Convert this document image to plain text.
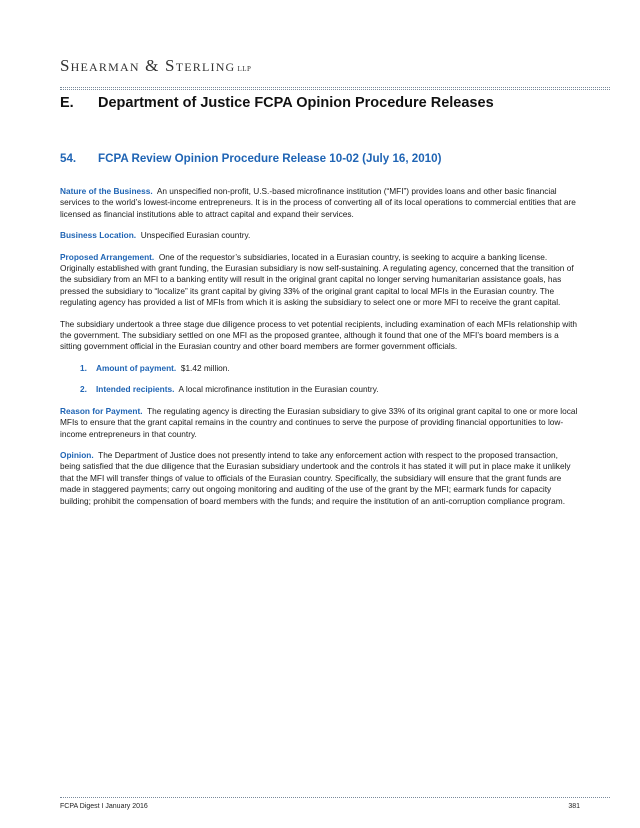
Shearman & Sterling LLP
E. Department of Justice FCPA Opinion Procedure Releases
54. FCPA Review Opinion Procedure Release 10-02 (July 16, 2010)

Nature of the Business. An unspecified non-profit, U.S.-based microfinance institution (“MFI”) provides loans and other basic financial services to the world’s lowest-income entrepreneurs. It is in the process of converting all of its local operations to commercial entities that are licensed as financial institutions able to attract capital and expand their services.

Business Location. Unspecified Eurasian country.

Proposed Arrangement. One of the requestor’s subsidiaries, located in a Eurasian country, is seeking to acquire a banking license. Originally established with grant funding, the Eurasian subsidiary is now self-sustaining. A regulating agency, concerned that the transition of the subsidiary from an MFI to a banking entity will result in the original grant capital no longer serving humanitarian assistance goals, has pressed the subsidiary to “localize” its grant capital by giving 33% of the original grant capital to local MFIs in the Eurasian country. The regulating agency has provided a list of MFIs from which it is asking the subsidiary to select one or more MFI to receive the grant capital.

The subsidiary undertook a three stage due diligence process to vet potential recipients, including examination of each MFIs relationship with the government. The subsidiary settled on one MFI as the proposed grantee, although it found that one of the MFI’s board members is a sitting government official in the Eurasian country and other board members are former government officials.

1.	Amount of payment. $1.42 million.
2.	Intended recipients. A local microfinance institution in the Eurasian country.

Reason for Payment. The regulating agency is directing the Eurasian subsidiary to give 33% of its original grant capital to one or more local MFIs to ensure that the grant capital remains in the country and continues to serve the purpose of providing financial opportunities to low-income entrepreneurs in that country.

Opinion. The Department of Justice does not presently intend to take any enforcement action with respect to the proposed transaction, being satisfied that the due diligence that the Eurasian subsidiary undertook and the controls it has stated it will put in place make it unlikely that the MFI will transfer things of value to officials of the Eurasian country. Specifically, the subsidiary will ensure that the grant funds are made in staggered payments; carry out ongoing monitoring and auditing of the use of the grant by the MFI; earmark funds for capacity building; prohibit the compensation of board members with the funds; and require the institution of an anti-corruption compliance program.

FCPA Digest I January 2016	381
